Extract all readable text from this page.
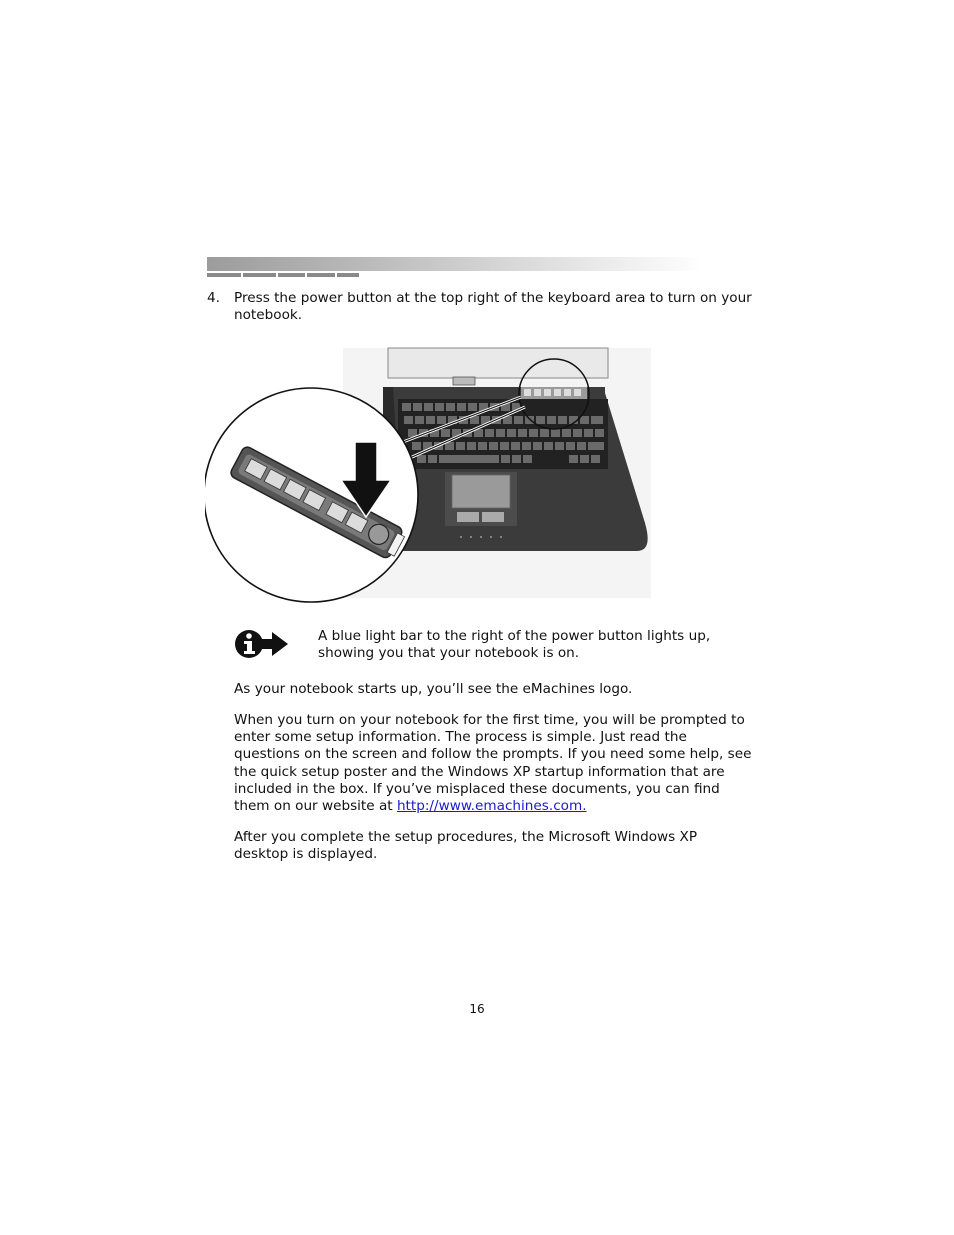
4. Press the power button at the top right of the keyboard area to turn on your notebook.
A blue light bar to the right of the power button lights up, showing you that your notebook is on.
As your notebook starts up, you’ll see the eMachines logo.
When you turn on your notebook for the first time, you will be prompted to enter some setup information. The process is simple. Just read the questions on the screen and follow the prompts. If you need some help, see the quick setup poster and the Windows XP startup information that are included in the box. If you’ve misplaced these documents, you can find them on our website at http://www.emachines.com.
After you complete the setup procedures, the Microsoft Windows XP desktop is displayed.
16
